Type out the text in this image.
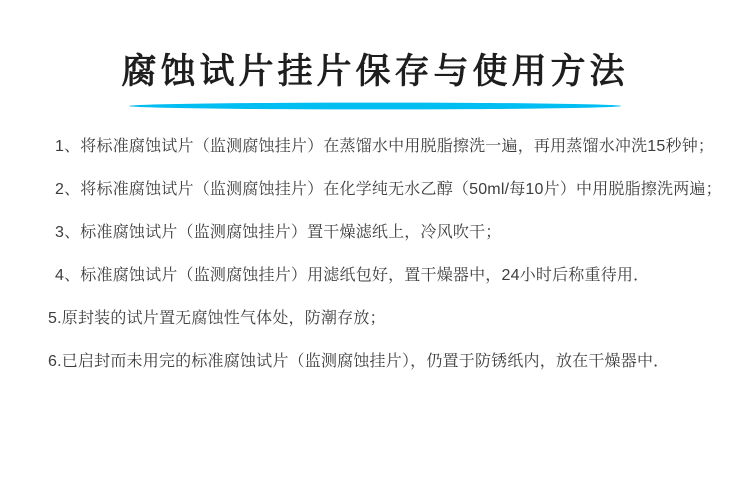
腐蚀试片挂片保存与使用方法

1、将标准腐蚀试片（监测腐蚀挂片）在蒸馏水中用脱脂擦洗一遍，再用蒸馏水冲洗15秒钟；

2、将标准腐蚀试片（监测腐蚀挂片）在化学纯无水乙醇（50ml/每10片）中用脱脂擦洗两遍；

3、标准腐蚀试片（监测腐蚀挂片）置干燥滤纸上，冷风吹干；

4、标准腐蚀试片（监测腐蚀挂片）用滤纸包好，置干燥器中，24小时后称重待用．

5.原封装的试片置无腐蚀性气体处，防潮存放；

6.已启封而未用完的标准腐蚀试片（监测腐蚀挂片），仍置于防锈纸内，放在干燥器中．
